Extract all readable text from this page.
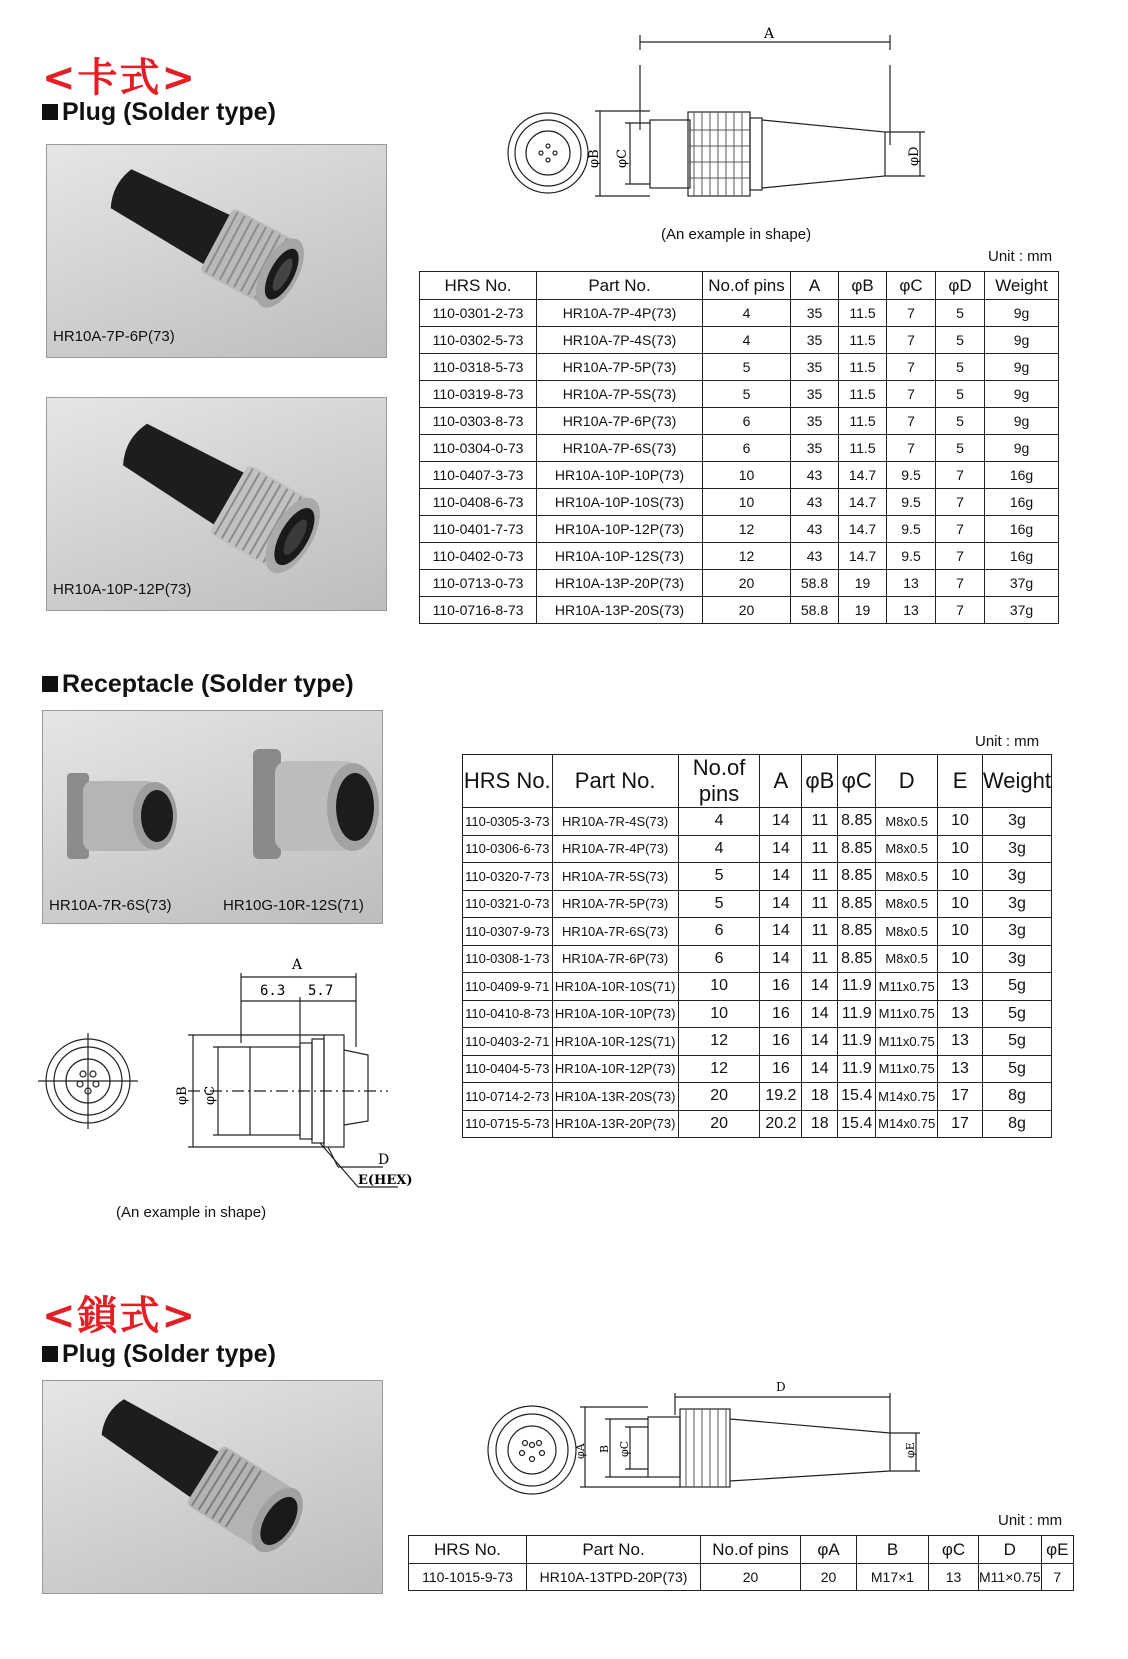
<卡式>
Plug (Solder type)
HR10A-7P-6P(73)
HR10A-10P-12P(73)
A
φB φC	φD
(An example in shape)
Unit : mm
HRS No.	Part No.	No.of pins	A	φB	φC	φD	Weight
110-0301-2-73	HR10A-7P-4P(73)	4	35	11.5	7	5	9g
110-0302-5-73	HR10A-7P-4S(73)	4	35	11.5	7	5	9g
110-0318-5-73	HR10A-7P-5P(73)	5	35	11.5	7	5	9g
110-0319-8-73	HR10A-7P-5S(73)	5	35	11.5	7	5	9g
110-0303-8-73	HR10A-7P-6P(73)	6	35	11.5	7	5	9g
110-0304-0-73	HR10A-7P-6S(73)	6	35	11.5	7	5	9g
110-0407-3-73	HR10A-10P-10P(73)	10	43	14.7	9.5	7	16g
110-0408-6-73	HR10A-10P-10S(73)	10	43	14.7	9.5	7	16g
110-0401-7-73	HR10A-10P-12P(73)	12	43	14.7	9.5	7	16g
110-0402-0-73	HR10A-10P-12S(73)	12	43	14.7	9.5	7	16g
110-0713-0-73	HR10A-13P-20P(73)	20	58.8	19	13	7	37g
110-0716-8-73	HR10A-13P-20S(73)	20	58.8	19	13	7	37g
Receptacle (Solder type)
HR10A-7R-6S(73)	HR10G-10R-12S(71)
A
6.3 5.7
φB φC
D
E(HEX)
(An example in shape)
Unit : mm
HRS No.	Part No.	No.of pins	A	φB	φC	D	E	Weight
110-0305-3-73	HR10A-7R-4S(73)	4	14	11	8.85	M8x0.5	10	3g
110-0306-6-73	HR10A-7R-4P(73)	4	14	11	8.85	M8x0.5	10	3g
110-0320-7-73	HR10A-7R-5S(73)	5	14	11	8.85	M8x0.5	10	3g
110-0321-0-73	HR10A-7R-5P(73)	5	14	11	8.85	M8x0.5	10	3g
110-0307-9-73	HR10A-7R-6S(73)	6	14	11	8.85	M8x0.5	10	3g
110-0308-1-73	HR10A-7R-6P(73)	6	14	11	8.85	M8x0.5	10	3g
110-0409-9-71	HR10A-10R-10S(71)	10	16	14	11.9	M11x0.75	13	5g
110-0410-8-73	HR10A-10R-10P(73)	10	16	14	11.9	M11x0.75	13	5g
110-0403-2-71	HR10A-10R-12S(71)	12	16	14	11.9	M11x0.75	13	5g
110-0404-5-73	HR10A-10R-12P(73)	12	16	14	11.9	M11x0.75	13	5g
110-0714-2-73	HR10A-13R-20S(73)	20	19.2	18	15.4	M14x0.75	17	8g
110-0715-5-73	HR10A-13R-20P(73)	20	20.2	18	15.4	M14x0.75	17	8g
<鎖式>
Plug (Solder type)
D
φA B φC	φE
Unit : mm
HRS No.	Part No.	No.of pins	φA	B	φC	D	φE
110-1015-9-73	HR10A-13TPD-20P(73)	20	20	M17×1	13	M11×0.75	7
